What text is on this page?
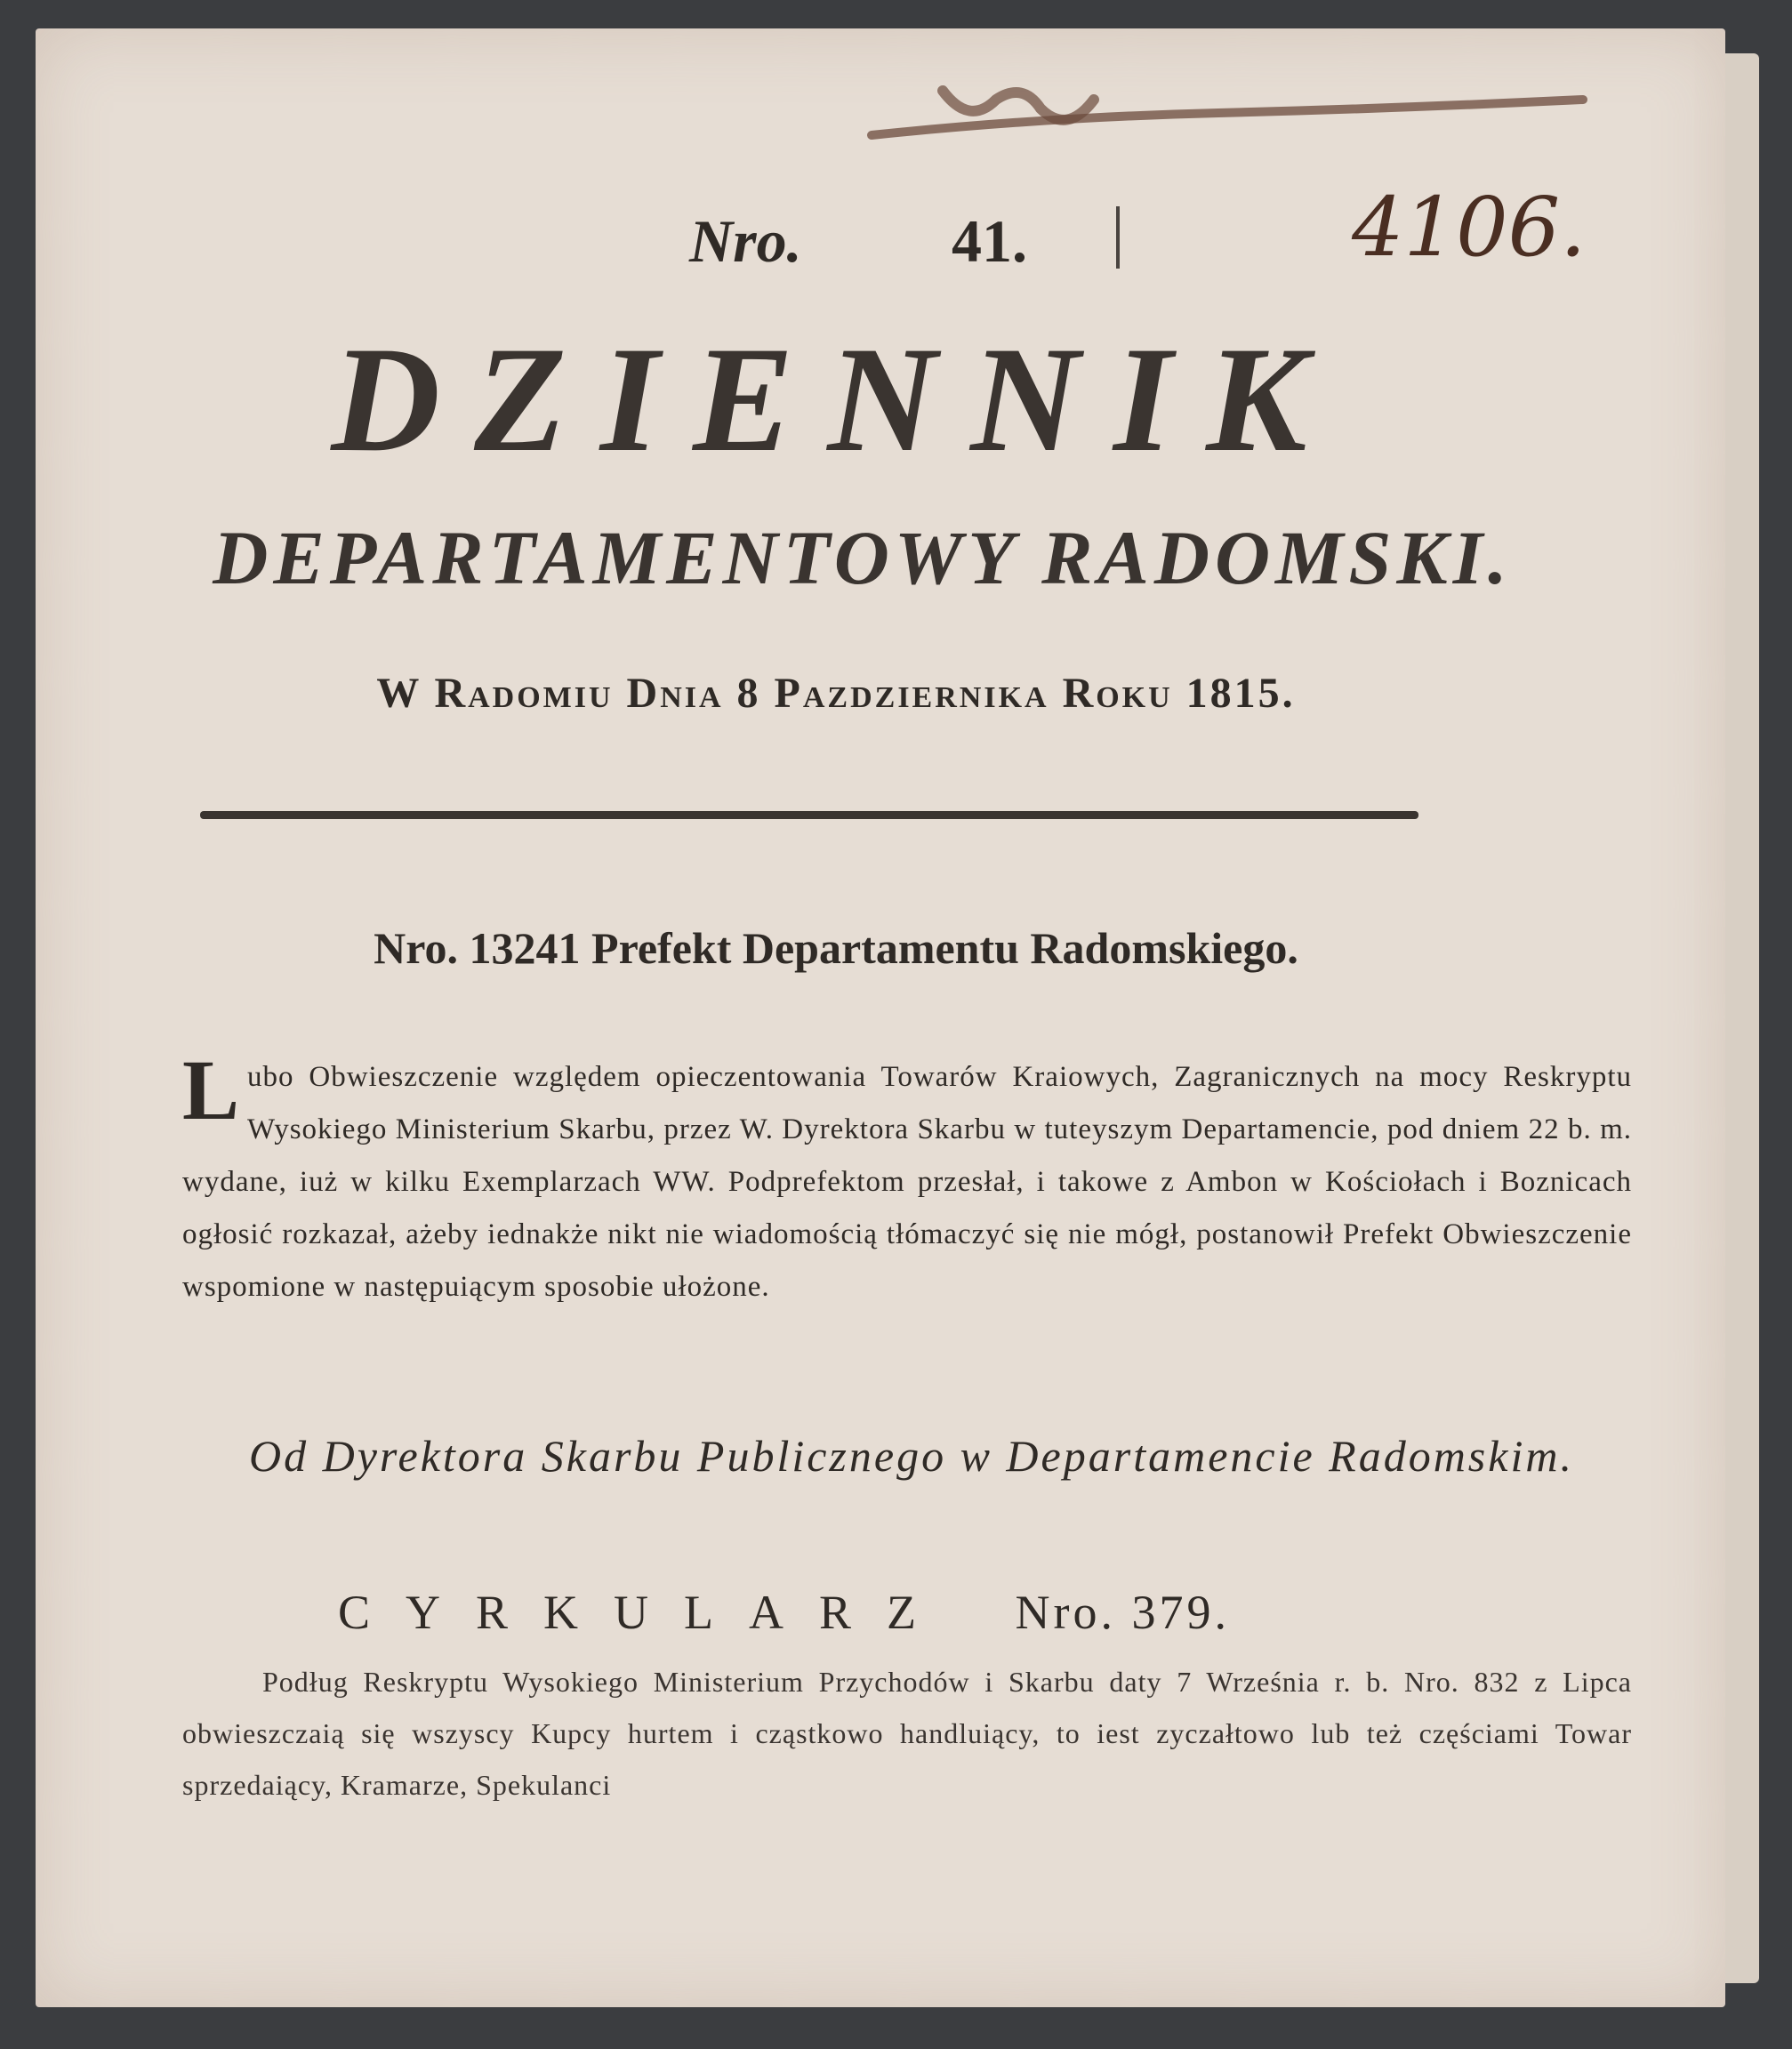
Nro. 41.	4106.
DZIENNIK
DEPARTAMENTOWY RADOMSKI.
W Radomiu Dnia 8 Pazdziernika Roku 1815.
Nro. 13241 Prefekt Departamentu Radomskiego.
L ubo Obwieszczenie względem opieczentowania Towarów Kraiowych, Zagranicznych na mocy Reskryptu Wysokiego Ministerium Skarbu, przez W. Dyrektora Skarbu w tuteyszym Departamencie, pod dniem 22 b. m. wydane, iuż w kilku Exemplarzach WW. Podprefektom przesłał, i takowe z Ambon w Kościołach i Boznicach ogłosić rozkazał, ażeby iednakże nikt nie wiadomością tłómaczyć się nie mógł, postanowił Prefekt Obwieszczenie wspomione w następuiącym sposobie ułożone.
Od Dyrektora Skarbu Publicznego w Departamencie Radomskim.
CYRKULARZ Nro. 379.
Podług Reskryptu Wysokiego Ministerium Przychodów i Skarbu daty 7 Września r. b. Nro. 832 z Lipca obwieszczaią się wszyscy Kupcy hurtem i cząstkowo handluiący, to iest zyczałtowo lub też częściami Towar sprzedaiący, Kramarze, Spekulanci
